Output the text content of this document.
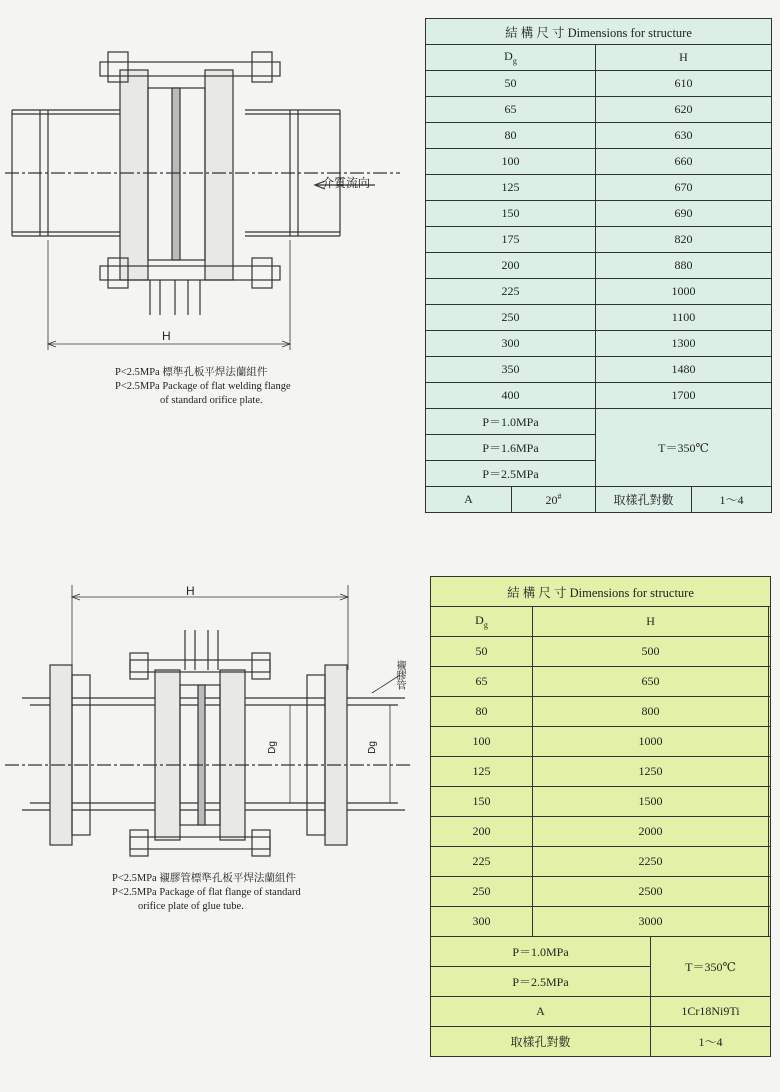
H
介質流向
P<2.5MPa 標準孔板平焊法蘭組件
P<2.5MPa Package of flat welding flange
of standard orifice plate.
結 構 尺 寸 Dimensions for structure			
$D_g$		H	
50		610	
65		620	
80		630	
100		660	
125		670	
150		690	
175		820	
200		880	
225		1000	
250		1100	
300		1300	
350		1480	
400		1700	
P＝1.0MPa		T＝350℃	
P＝1.6MPa			
P＝2.5MPa			
A	20#	取樣孔對數	1～4
H
Dg	Dg
襯膠管
P<2.5MPa 襯膠管標準孔板平焊法蘭組件
P<2.5MPa Package of flat flange of standard
orifice plate of glue tube.
結 構 尺 寸 Dimensions for structure			
$D_g$	H		
50	500		
65	650		
80	800		
100	1000		
125	1250		
150	1500		
200	2000		
225	2250		
250	2500		
300	3000		
P＝1.0MPa		T＝350℃	
P＝2.5MPa			
A		1Cr18Ni9Ti	
取樣孔對數		1～4	
